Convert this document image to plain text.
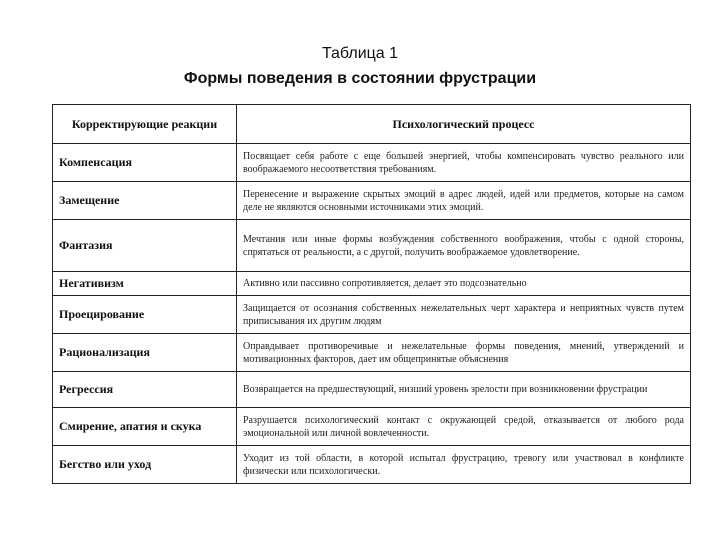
Таблица 1
Формы поведения в состоянии фрустрации
Корректирующие реакции	Психологический процесс
Компенсация	Посвящает себя работе с еще большей энергией, чтобы компенсировать чувство реального или воображаемого несоответствия требованиям.
Замещение	Перенесение и выражение скрытых эмоций в адрес людей, идей или предметов, которые на самом деле не являются основными источниками этих эмоций.
Фантазия	Мечтания или иные формы возбуждения собственного воображения, чтобы с одной стороны, спрятаться от реальности, а с другой, получить воображаемое удовлетворение.
Негативизм	Активно или пассивно сопротивляется, делает это подсознательно
Проецирование	Защищается от осознания собственных нежелательных черт характера и неприятных чувств путем приписывания их другим людям
Рационализация	Оправдывает противоречивые и нежелательные формы поведения, мнений, утверждений и мотивационных факторов, дает им общепринятые объяснения
Регрессия	Возвращается на предшествующий, низший уровень зрелости при возникновении фрустрации
Смирение, апатия и скука	Разрушается психологический контакт с окружающей средой, отказывается от любого рода эмоциональной или личной вовлеченности.
Бегство или уход	Уходит из той области, в которой испытал фрустрацию, тревогу или участвовал в конфликте физически или психологически.
